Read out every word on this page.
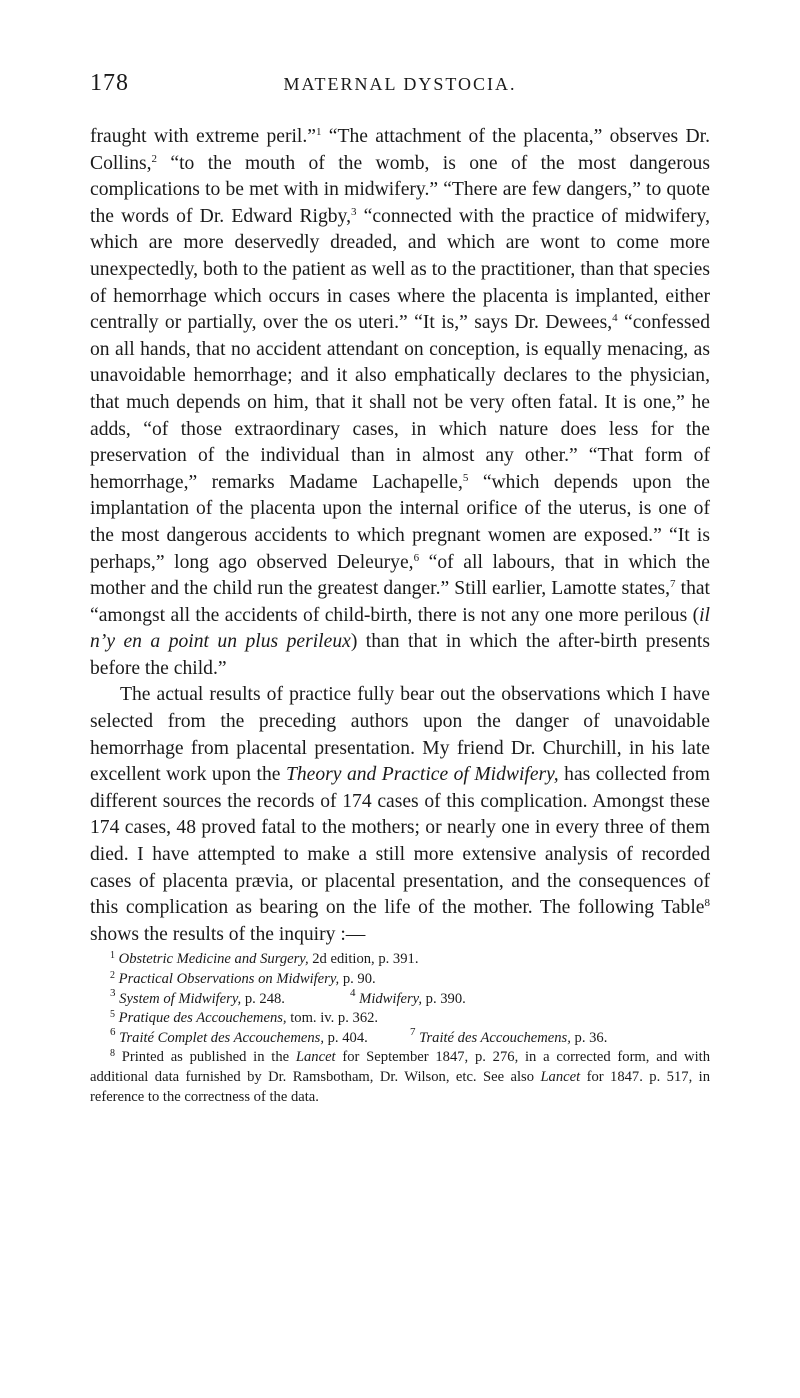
178	MATERNAL DYSTOCIA.

fraught with extreme peril.”$^1$ “The attachment of the placenta,” observes Dr. Collins,$^2$ “to the mouth of the womb, is one of the most dangerous complications to be met with in midwifery.” “There are few dangers,” to quote the words of Dr. Edward Rigby,$^3$ “connected with the practice of midwifery, which are more deservedly dreaded, and which are wont to come more unexpectedly, both to the patient as well as to the practitioner, than that species of hemorrhage which occurs in cases where the placenta is implanted, either centrally or partially, over the os uteri.” “It is,” says Dr. Dewees,$^4$ “confessed on all hands, that no accident attendant on conception, is equally menacing, as unavoidable hemorrhage; and it also emphatically declares to the physician, that much depends on him, that it shall not be very often fatal. It is one,” he adds, “of those extraordinary cases, in which nature does less for the preservation of the individual than in almost any other.” “That form of hemorrhage,” remarks Madame Lachapelle,$^5$ “which depends upon the implantation of the placenta upon the internal orifice of the uterus, is one of the most dangerous accidents to which pregnant women are exposed.” “It is perhaps,” long ago observed Deleurye,$^6$ “of all labours, that in which the mother and the child run the greatest danger.” Still earlier, Lamotte states,$^7$ that “amongst all the accidents of child-birth, there is not any one more perilous (il n’y en a point un plus perileux) than that in which the after-birth presents before the child.”

The actual results of practice fully bear out the observations which I have selected from the preceding authors upon the danger of unavoidable hemorrhage from placental presentation. My friend Dr. Churchill, in his late excellent work upon the Theory and Practice of Midwifery, has collected from different sources the records of 174 cases of this complication. Amongst these 174 cases, 48 proved fatal to the mothers; or nearly one in every three of them died. I have attempted to make a still more extensive analysis of recorded cases of placenta prævia, or placental presentation, and the consequences of this complication as bearing on the life of the mother. The following Table$^8$ shows the results of the inquiry :—

$^1$ Obstetric Medicine and Surgery, 2d edition, p. 391.

$^2$ Practical Observations on Midwifery, p. 90.

$^3$ System of Midwifery, p. 248.	$^4$ Midwifery, p. 390.

$^5$ Pratique des Accouchemens, tom. iv. p. 362.

$^6$ Traité Complet des Accouchemens, p. 404.	$^7$ Traité des Accouchemens, p. 36.

$^8$ Printed as published in the Lancet for September 1847, p. 276, in a corrected form, and with additional data furnished by Dr. Ramsbotham, Dr. Wilson, etc. See also Lancet for 1847. p. 517, in reference to the correctness of the data.
